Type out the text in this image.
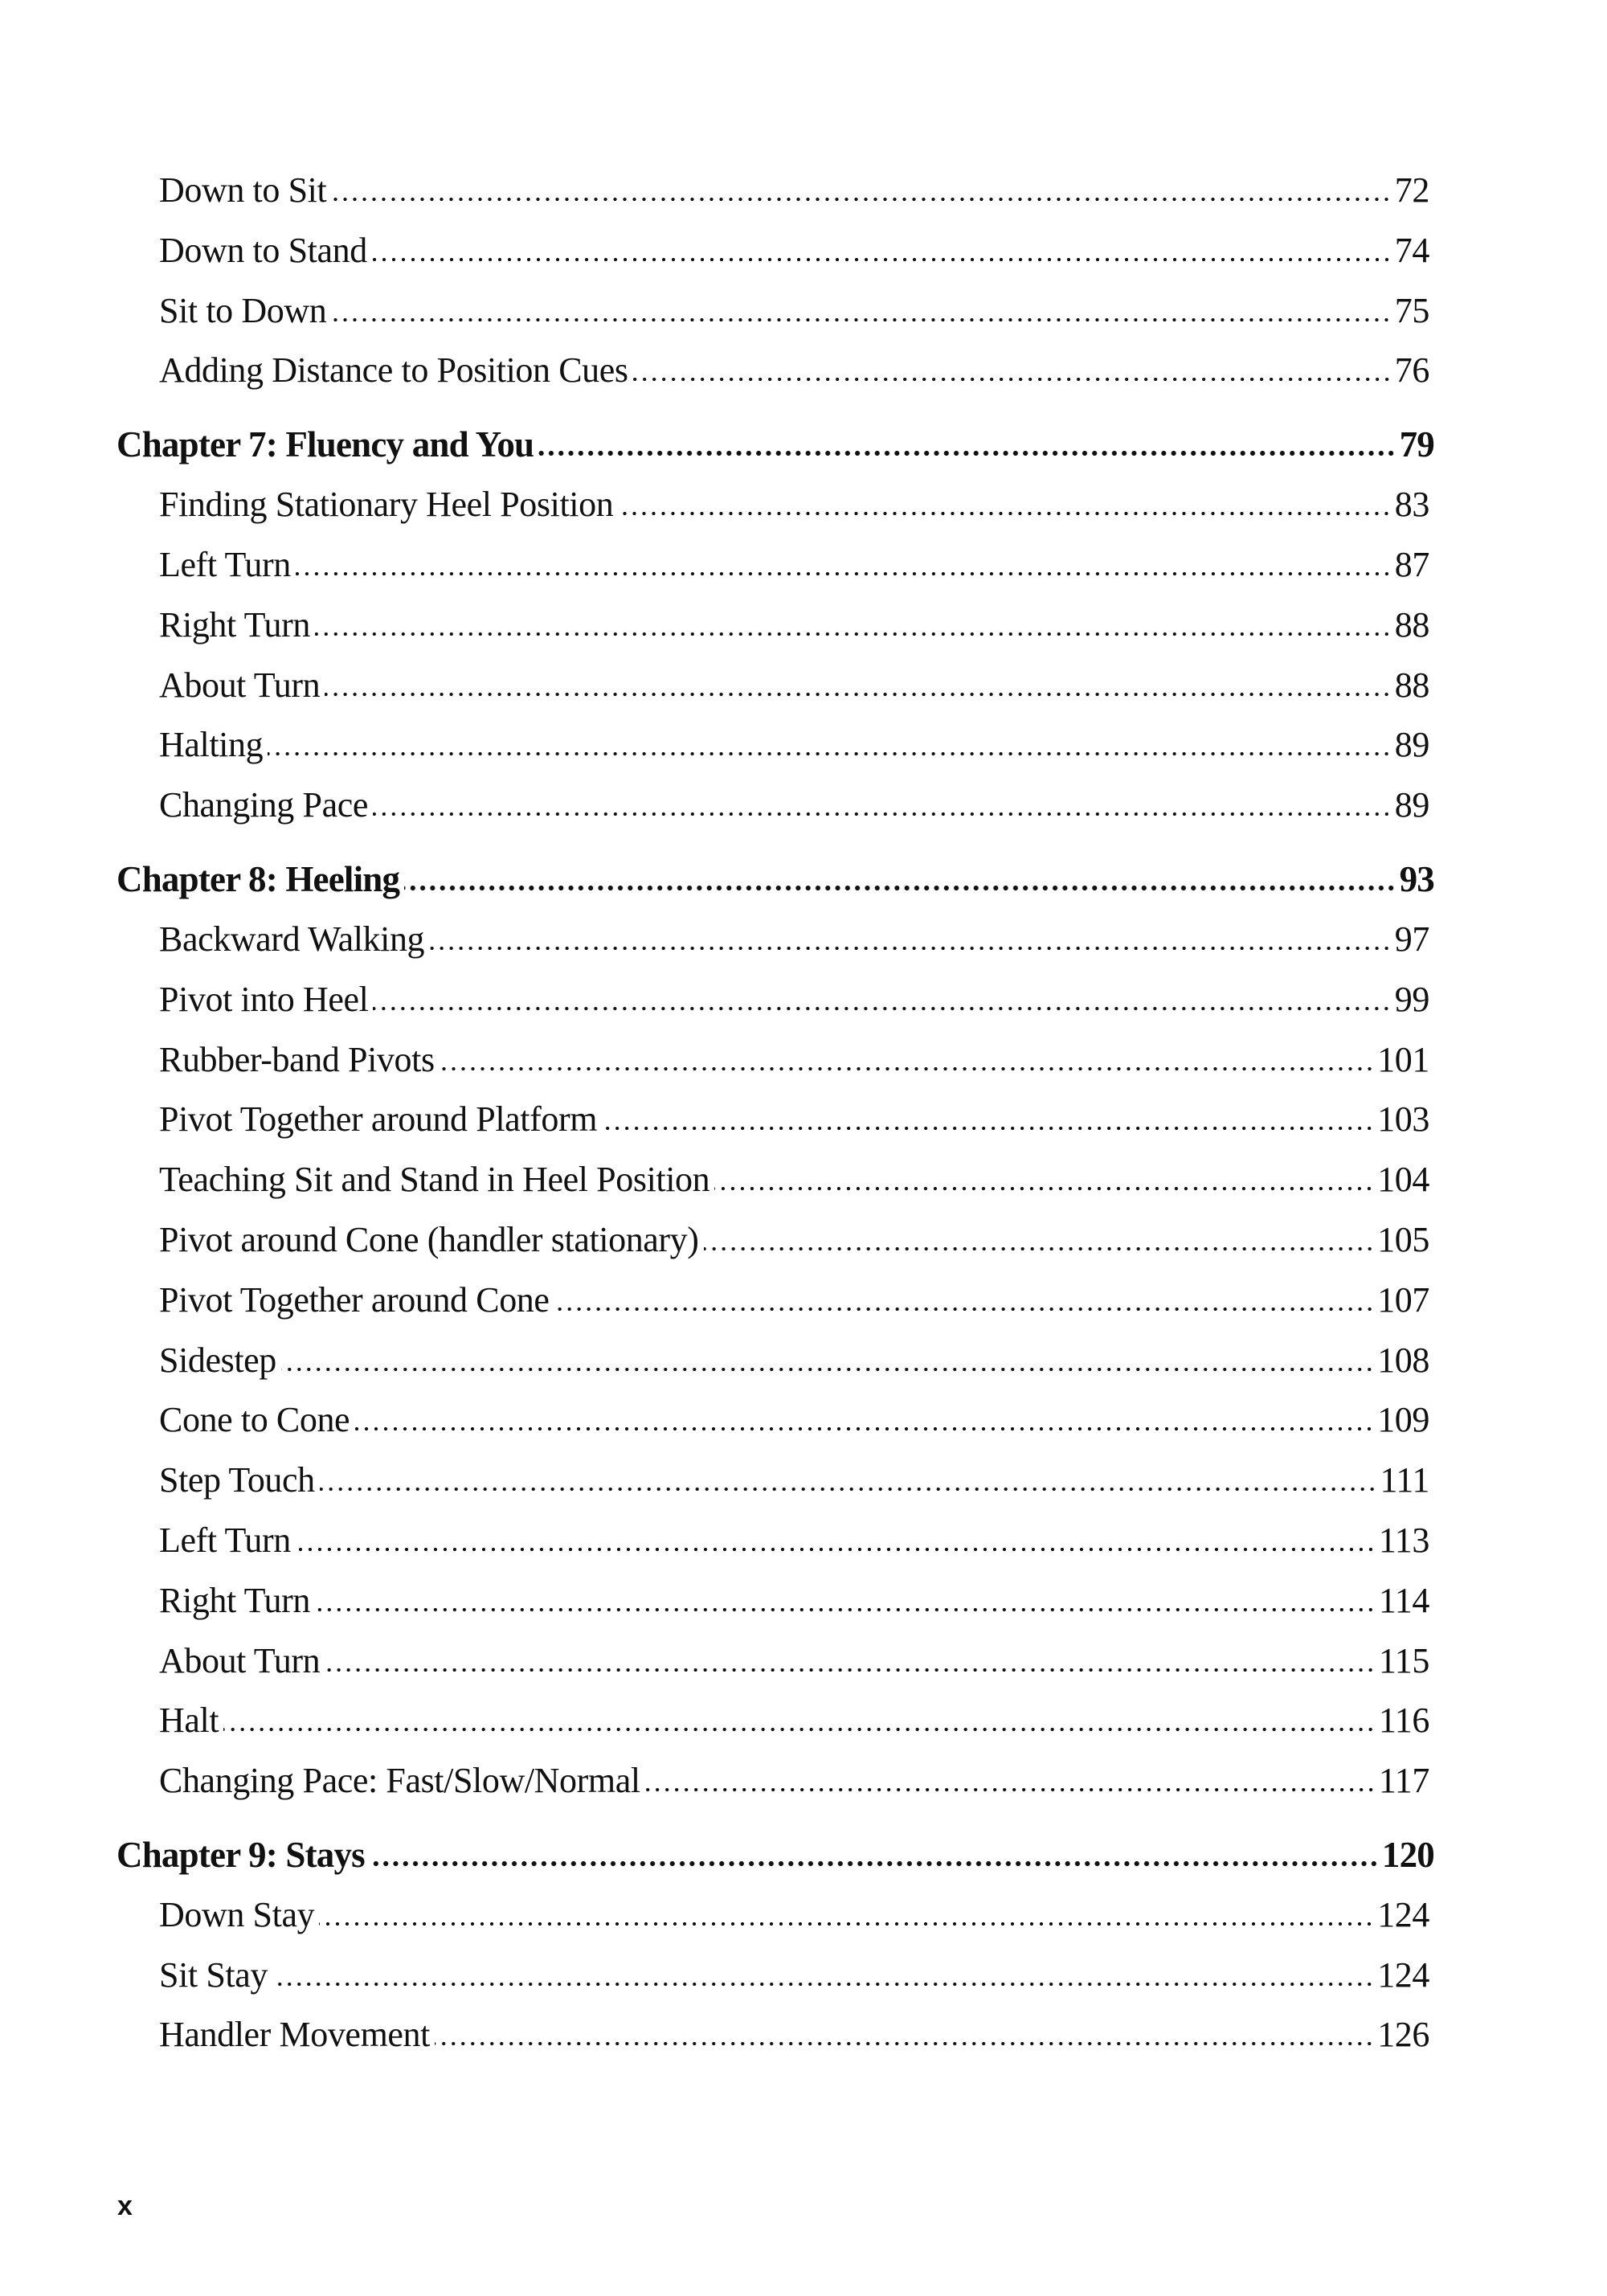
Down to Sit	72
Down to Stand	74
Sit to Down	75
Adding Distance to Position Cues	76
Chapter 7: Fluency and You	79
Finding Stationary Heel Position	83
Left Turn	87
Right Turn	88
About Turn	88
Halting	89
Changing Pace	89
Chapter 8: Heeling	93
Backward Walking	97
Pivot into Heel	99
Rubber-band Pivots	101
Pivot Together around Platform	103
Teaching Sit and Stand in Heel Position	104
Pivot around Cone (handler stationary)	105
Pivot Together around Cone	107
Sidestep	108
Cone to Cone	109
Step Touch	111
Left Turn	113
Right Turn	114
About Turn	115
Halt	116
Changing Pace: Fast/Slow/Normal	117
Chapter 9: Stays	120
Down Stay	124
Sit Stay	124
Handler Movement	126
x
